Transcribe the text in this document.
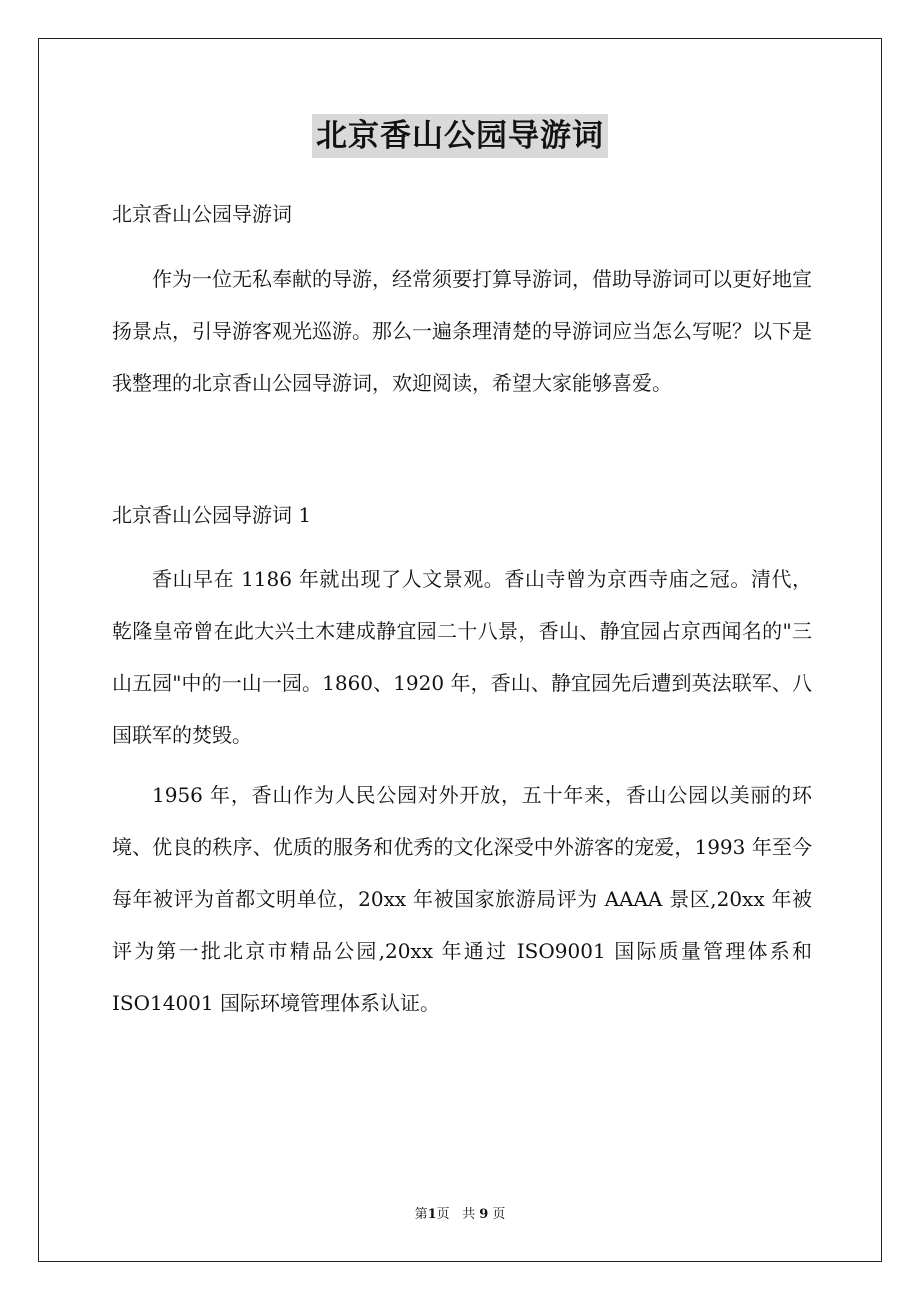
北京香山公园导游词

北京香山公园导游词

作为一位无私奉献的导游，经常须要打算导游词，借助导游词可以更好地宣扬景点，引导游客观光巡游。那么一遍条理清楚的导游词应当怎么写呢？以下是我整理的北京香山公园导游词，欢迎阅读，希望大家能够喜爱。

北京香山公园导游词 1

香山早在 1186 年就出现了人文景观。香山寺曾为京西寺庙之冠。清代，乾隆皇帝曾在此大兴土木建成静宜园二十八景，香山、静宜园占京西闻名的"三山五园"中的一山一园。1860、1920 年，香山、静宜园先后遭到英法联军、八国联军的焚毁。

1956 年，香山作为人民公园对外开放，五十年来，香山公园以美丽的环境、优良的秩序、优质的服务和优秀的文化深受中外游客的宠爱，1993 年至今每年被评为首都文明单位，20xx 年被国家旅游局评为 AAAA 景区,20xx 年被评为第一批北京市精品公园,20xx 年通过 ISO9001 国际质量管理体系和 ISO14001 国际环境管理体系认证。

第1页 共 9 页
